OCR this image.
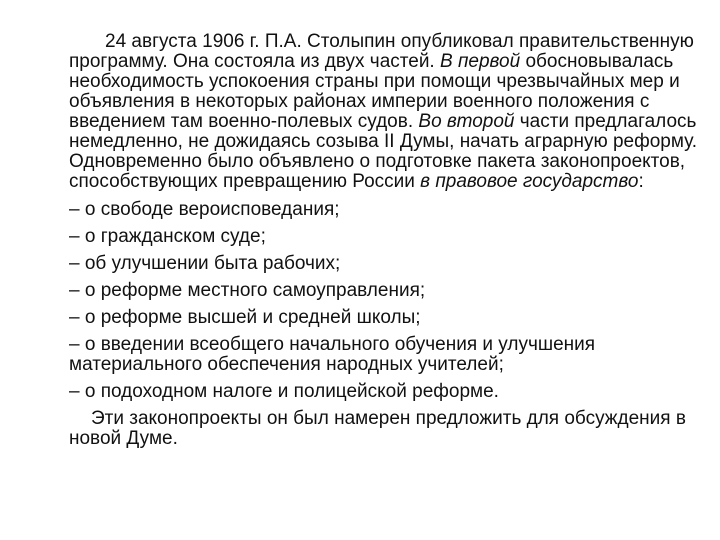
24 августа 1906 г. П.А. Столыпин опубликовал правительственную программу. Она состояла из двух частей. В первой обосновывалась необходимость успокоения страны при помощи чрезвычайных мер и объявления в некоторых районах империи военного положения с введением там военно-полевых судов. Во второй части предлагалось немедленно, не дожидаясь созыва II Думы, начать аграрную реформу. Одновременно было объявлено о подготовке пакета законопроектов, способствующих превращению России в правовое государство:

– о свободе вероисповедания;

– о гражданском суде;

– об улучшении быта рабочих;

– о реформе местного самоуправления;

– о реформе высшей и средней школы;

– о введении всеобщего начального обучения и улучшения материального обеспечения народных учителей;

– о подоходном налоге и полицейской реформе.

Эти законопроекты он был намерен предложить для обсуждения в новой Думе.
